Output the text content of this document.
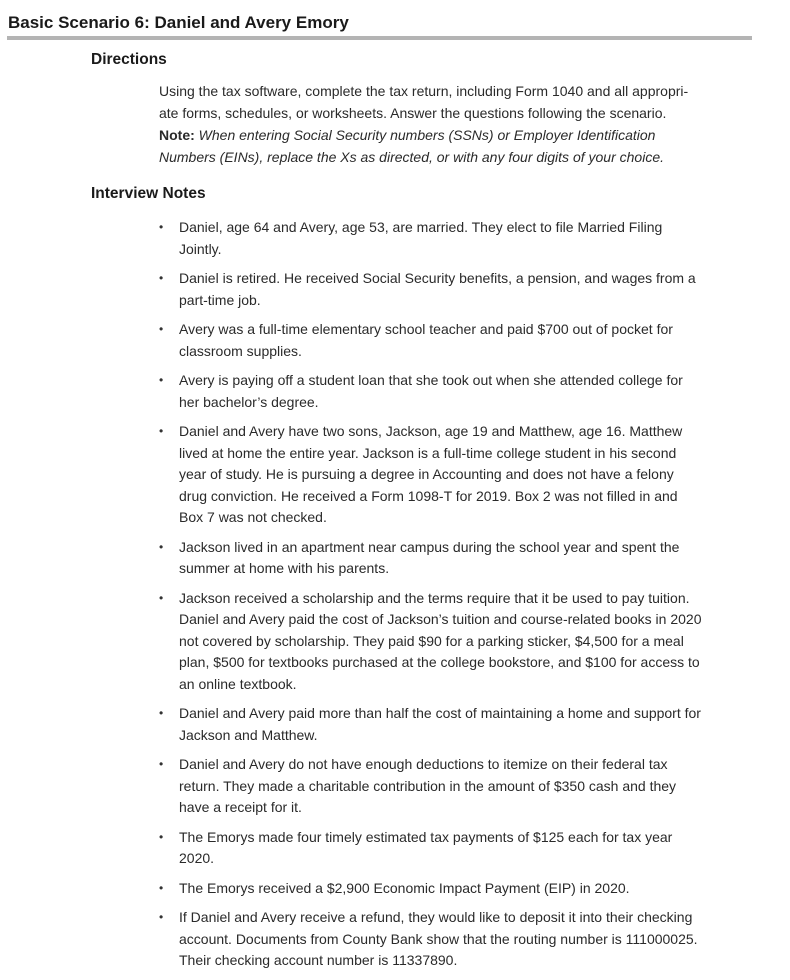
Basic Scenario 6: Daniel and Avery Emory
Directions
Using the tax software, complete the tax return, including Form 1040 and all appropri-
ate forms, schedules, or worksheets. Answer the questions following the scenario.
Note: When entering Social Security numbers (SSNs) or Employer Identification
Numbers (EINs), replace the Xs as directed, or with any four digits of your choice.
Interview Notes
• Daniel, age 64 and Avery, age 53, are married. They elect to file Married Filing
Jointly.
• Daniel is retired. He received Social Security benefits, a pension, and wages from a
part-time job.
• Avery was a full-time elementary school teacher and paid $700 out of pocket for
classroom supplies.
• Avery is paying off a student loan that she took out when she attended college for
her bachelor’s degree.
• Daniel and Avery have two sons, Jackson, age 19 and Matthew, age 16. Matthew
lived at home the entire year. Jackson is a full-time college student in his second
year of study. He is pursuing a degree in Accounting and does not have a felony
drug conviction. He received a Form 1098-T for 2019. Box 2 was not filled in and
Box 7 was not checked.
• Jackson lived in an apartment near campus during the school year and spent the
summer at home with his parents.
• Jackson received a scholarship and the terms require that it be used to pay tuition.
Daniel and Avery paid the cost of Jackson’s tuition and course-related books in 2020
not covered by scholarship. They paid $90 for a parking sticker, $4,500 for a meal
plan, $500 for textbooks purchased at the college bookstore, and $100 for access to
an online textbook.
• Daniel and Avery paid more than half the cost of maintaining a home and support for
Jackson and Matthew.
• Daniel and Avery do not have enough deductions to itemize on their federal tax
return. They made a charitable contribution in the amount of $350 cash and they
have a receipt for it.
• The Emorys made four timely estimated tax payments of $125 each for tax year
2020.
• The Emorys received a $2,900 Economic Impact Payment (EIP) in 2020.
• If Daniel and Avery receive a refund, they would like to deposit it into their checking
account. Documents from County Bank show that the routing number is 111000025.
Their checking account number is 11337890.
